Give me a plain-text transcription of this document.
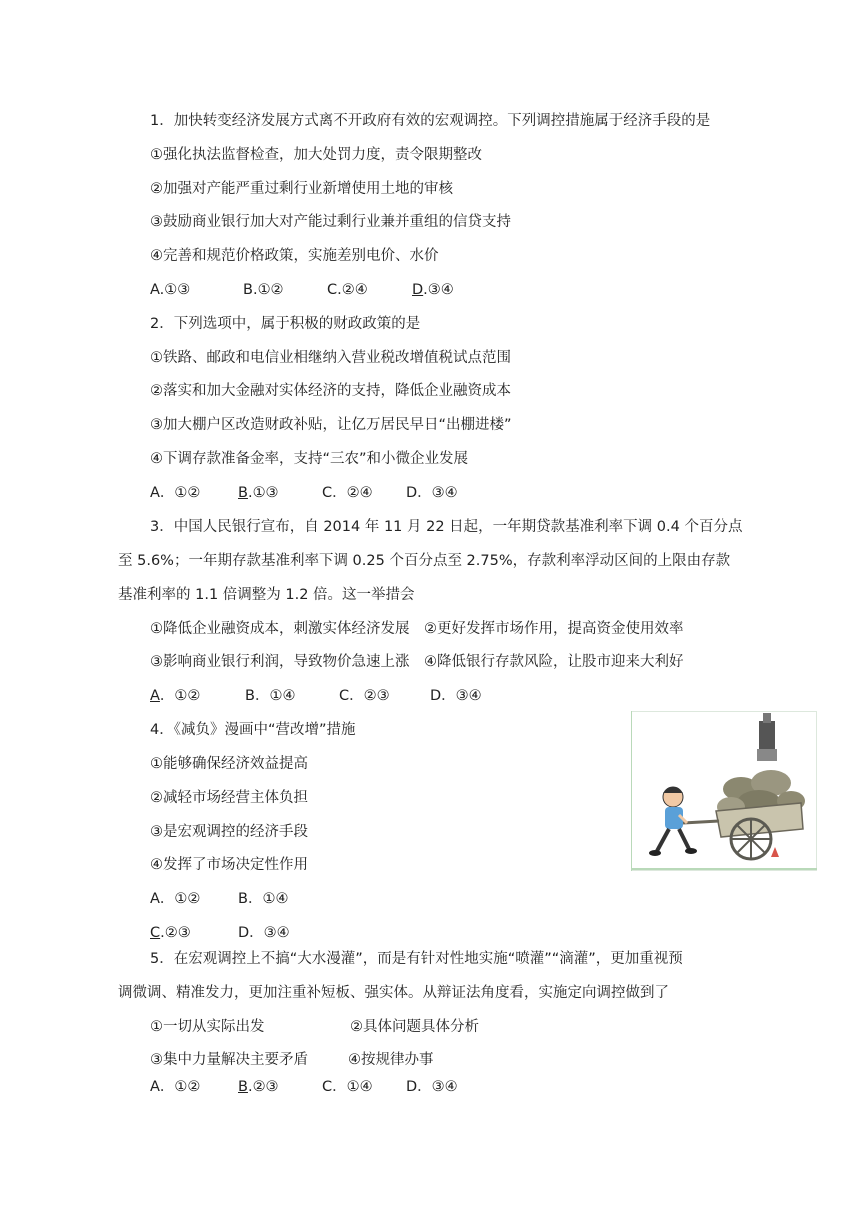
1．加快转变经济发展方式离不开政府有效的宏观调控。下列调控措施属于经济手段的是
①强化执法监督检查，加大处罚力度，责令限期整改
②加强对产能严重过剩行业新增使用土地的审核
③鼓励商业银行加大对产能过剩行业兼并重组的信贷支持
④完善和规范价格政策，实施差别电价、水价
A.①③	B.①②	C.②④	D.③④
2．下列选项中，属于积极的财政政策的是
①铁路、邮政和电信业相继纳入营业税改增值税试点范围
②落实和加大金融对实体经济的支持，降低企业融资成本
③加大棚户区改造财政补贴，让亿万居民早日“出棚进楼”
④下调存款准备金率，支持“三农”和小微企业发展
A．①②	B.①③	C．②④ D．③④
3．中国人民银行宣布，自 2014 年 11 月 22 日起，一年期贷款基准利率下调 0.4 个百分点
至 5.6%；一年期存款基准利率下调 0.25 个百分点至 2.75%，存款利率浮动区间的上限由存款
基准利率的 1.1 倍调整为 1.2 倍。这一举措会
①降低企业融资成本，刺激实体经济发展　②更好发挥市场作用，提高资金使用效率
③影响商业银行利润，导致物价急速上涨　④降低银行存款风险，让股市迎来大利好
A．①②	B．①④	C．②③	D．③④
4．《减负》漫画中“营改增”措施
①能够确保经济效益提高
②减轻市场经营主体负担
③是宏观调控的经济手段
④发挥了市场决定性作用
A．①②	B．①④
C.②③	D．③④
5．在宏观调控上不搞“大水漫灌”，而是有针对性地实施“喷灌”“滴灌”，更加重视预
调微调、精准发力，更加注重补短板、强实体。从辩证法角度看，实施定向调控做到了
①一切从实际出发	②具体问题具体分析
③集中力量解决主要矛盾	④按规律办事
A．①②	B.②③	C．①④ D．③④
